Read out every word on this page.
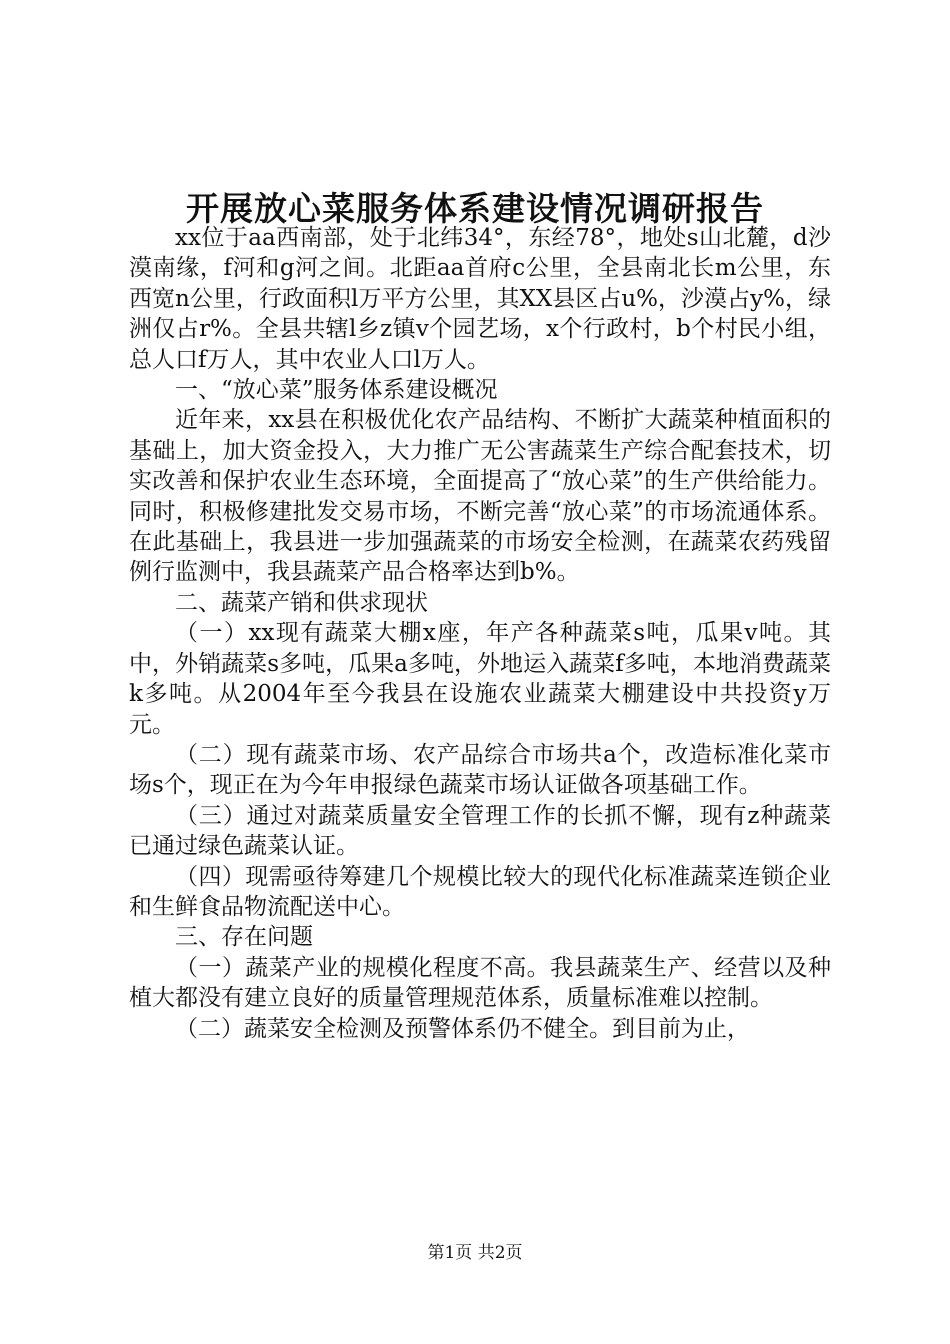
开展放心菜服务体系建设情况调研报告

xx位于aa西南部，处于北纬34°，东经78°，地处s山北麓，d沙漠南缘，f河和g河之间。北距aa首府c公里，全县南北长m公里，东西宽n公里，行政面积l万平方公里，其XX县区占u%，沙漠占y%，绿洲仅占r%。全县共辖l乡z镇v个园艺场，x个行政村，b个村民小组，总人口f万人，其中农业人口l万人。

一、“放心菜”服务体系建设概况

近年来，xx县在积极优化农产品结构、不断扩大蔬菜种植面积的基础上，加大资金投入，大力推广无公害蔬菜生产综合配套技术，切实改善和保护农业生态环境，全面提高了“放心菜”的生产供给能力。同时，积极修建批发交易市场，不断完善“放心菜”的市场流通体系。在此基础上，我县进一步加强蔬菜的市场安全检测，在蔬菜农药残留例行监测中，我县蔬菜产品合格率达到b%。

二、蔬菜产销和供求现状

（一）xx现有蔬菜大棚x座，年产各种蔬菜s吨，瓜果v吨。其中，外销蔬菜s多吨，瓜果a多吨，外地运入蔬菜f多吨，本地消费蔬菜k多吨。从2004年至今我县在设施农业蔬菜大棚建设中共投资y万元。

（二）现有蔬菜市场、农产品综合市场共a个，改造标准化菜市场s个，现正在为今年申报绿色蔬菜市场认证做各项基础工作。

（三）通过对蔬菜质量安全管理工作的长抓不懈，现有z种蔬菜已通过绿色蔬菜认证。

（四）现需亟待筹建几个规模比较大的现代化标准蔬菜连锁企业和生鲜食品物流配送中心。

三、存在问题

（一）蔬菜产业的规模化程度不高。我县蔬菜生产、经营以及种植大都没有建立良好的质量管理规范体系，质量标准难以控制。

（二）蔬菜安全检测及预警体系仍不健全。到目前为止，

第1页 共2页
